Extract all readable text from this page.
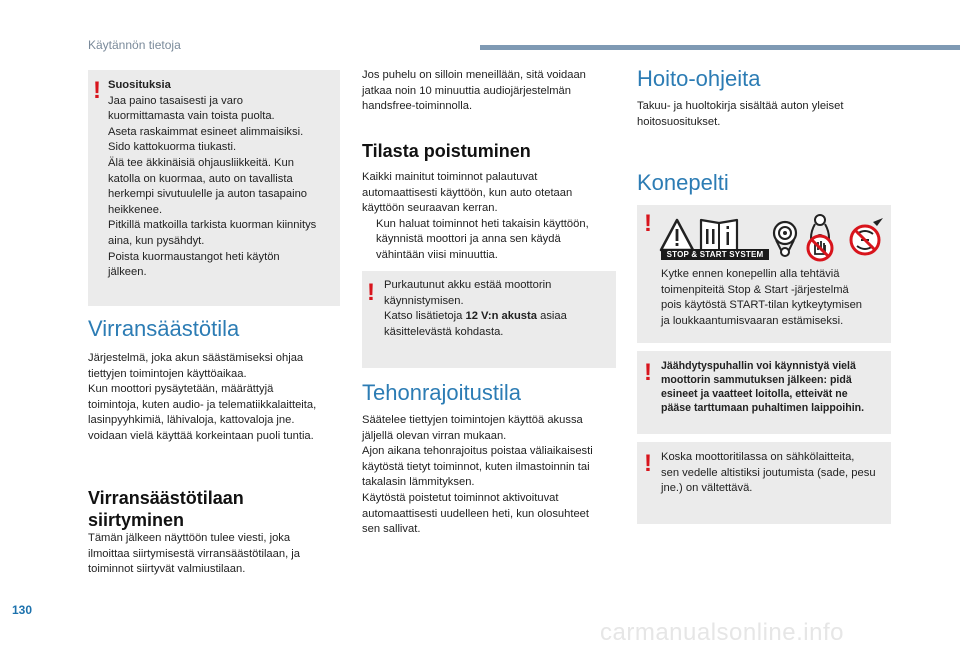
Käytännön tietoja
! Suosituksia

Jaa paino tasaisesti ja varo

kuormittamasta vain toista puolta.

Aseta raskaimmat esineet alimmaisiksi.

Sido kattokuorma tiukasti.

Älä tee äkkinäisiä ohjausliikkeitä. Kun

katolla on kuormaa, auto on tavallista

herkempi sivutuulelle ja auton tasapaino

heikkenee.

Pitkillä matkoilla tarkista kuorman kiinnitys

aina, kun pysähdyt.

Poista kuormaustangot heti käytön

jälkeen.

Virransäästötila

Järjestelmä, joka akun säästämiseksi ohjaa

tiettyjen toimintojen käyttöaikaa.

Kun moottori pysäytetään, määrättyjä

toimintoja, kuten audio- ja telematiikkalaitteita,

lasinpyyhkimiä, lähivaloja, kattovaloja jne.

voidaan vielä käyttää korkeintaan puoli tuntia.

Virransäästötilaan
siirtyminen

Tämän jälkeen näyttöön tulee viesti, joka

ilmoittaa siirtymisestä virransäästötilaan, ja

toiminnot siirtyvät valmiustilaan.

Jos puhelu on silloin meneillään, sitä voidaan

jatkaa noin 10 minuuttia audiojärjestelmän

handsfree-toiminnolla.

Tilasta poistuminen

Kaikki mainitut toiminnot palautuvat

automaattisesti käyttöön, kun auto otetaan

käyttöön seuraavan kerran.

Kun haluat toiminnot heti takaisin käyttöön,

käynnistä moottori ja anna sen käydä

vähintään viisi minuuttia.

! Purkautunut akku estää moottorin

käynnistymisen.

Katso lisätietoja 12 V:n akusta asiaa

käsittelevästä kohdasta.

Tehonrajoitustila

Säätelee tiettyjen toimintojen käyttöä akussa

jäljellä olevan virran mukaan.

Ajon aikana tehonrajoitus poistaa väliaikaisesti

käytöstä tietyt toiminnot, kuten ilmastoinnin tai

takalasin lämmityksen.

Käytöstä poistetut toiminnot aktivoituvat

automaattisesti uudelleen heti, kun olosuhteet

sen sallivat.

Hoito-ohjeita

Takuu- ja huoltokirja sisältää auton yleiset

hoitosuositukset.

Konepelti
!
STOP & START SYSTEM

Kytke ennen konepellin alla tehtäviä

toimenpiteitä Stop & Start -järjestelmä

pois käytöstä START-tilan kytkeytymisen

ja loukkaantumisvaaran estämiseksi.

! Jäähdytyspuhallin voi käynnistyä vielä

moottorin sammutuksen jälkeen: pidä

esineet ja vaatteet loitolla, etteivät ne

pääse tarttumaan puhaltimen laippoihin.

! Koska moottoritilassa on sähkölaitteita,

sen vedelle altistiksi joutumista (sade, pesu

jne.) on vältettävä.

130
carmanualsonline.info
